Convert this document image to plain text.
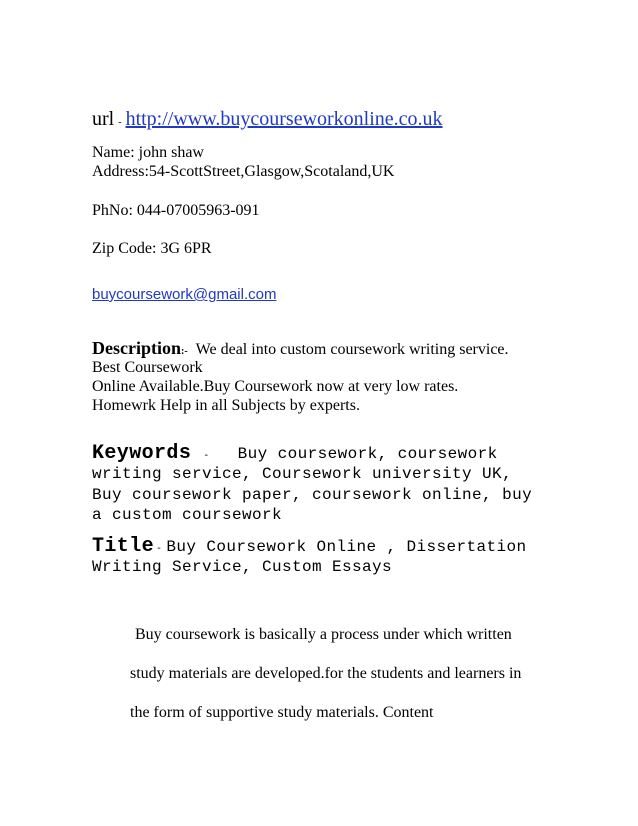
url - http://www.buycourseworkonline.co.uk
Name: john shaw
Address:54-ScottStreet,Glasgow,Scotaland,UK
PhNo: 044-07005963-091
Zip Code: 3G 6PR
buycoursework@gmail.com
Description:- We deal into custom coursework writing service.
Best Coursework
Online Available.Buy Coursework now at very low rates.
Homewrk Help in all Subjects by experts.
Keywords - Buy coursework, coursework
writing service, Coursework university UK,
Buy coursework paper, coursework online, buy
a custom coursework
Title - Buy Coursework Online , Dissertation
Writing Service, Custom Essays
Buy coursework is basically a process under which written
study materials are developed.for the students and learners in
the form of supportive study materials. Content
